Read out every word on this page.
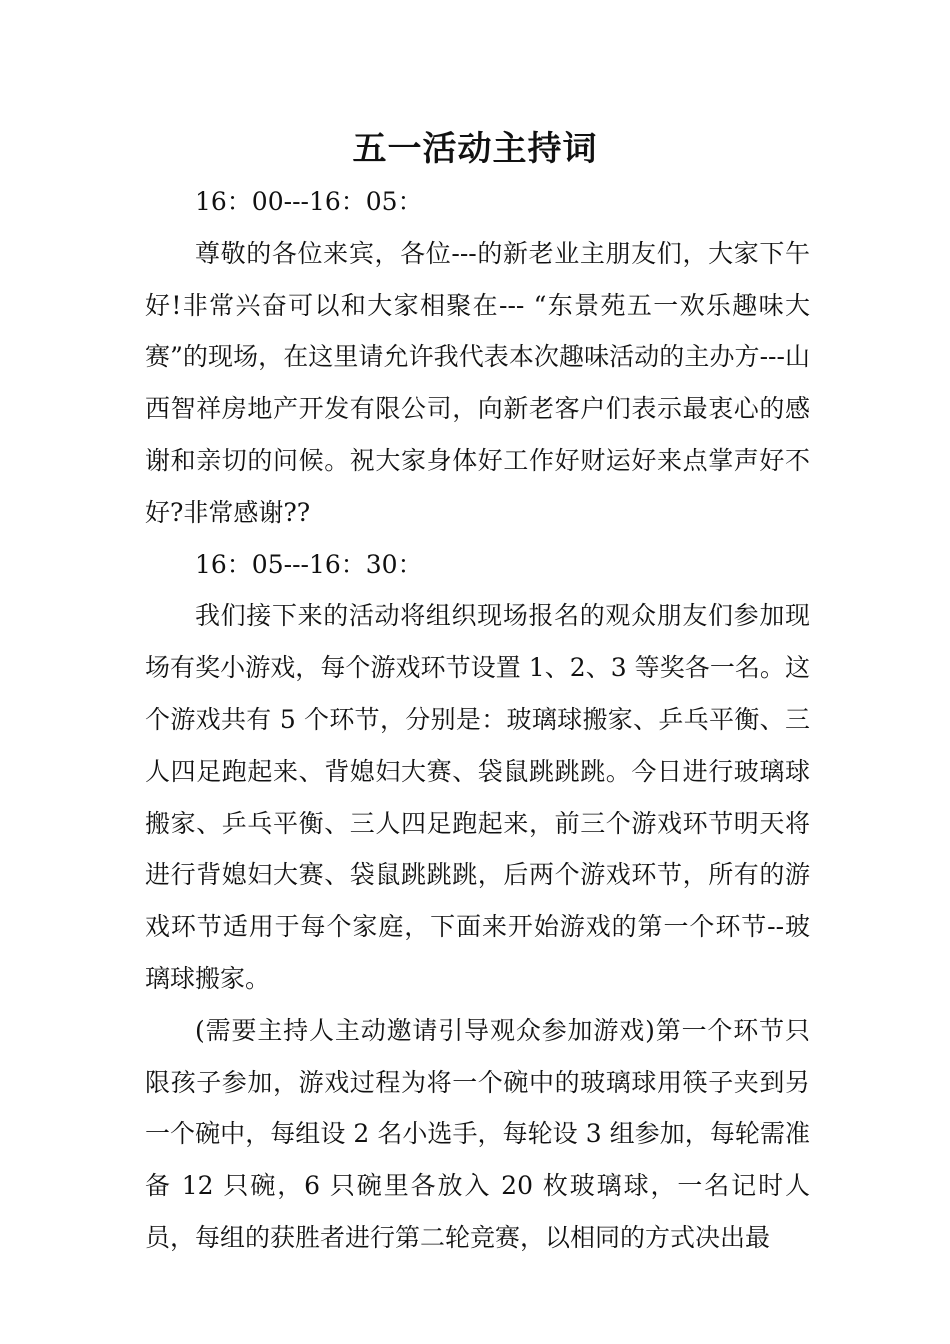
五一活动主持词

16：00---16：05：

尊敬的各位来宾，各位---的新老业主朋友们，大家下午好!非常兴奋可以和大家相聚在--- “东景苑五一欢乐趣味大赛”的现场，在这里请允许我代表本次趣味活动的主办方---山西智祥房地产开发有限公司，向新老客户们表示最衷心的感谢和亲切的问候。祝大家身体好工作好财运好来点掌声好不好?非常感谢??

16：05---16：30：

我们接下来的活动将组织现场报名的观众朋友们参加现场有奖小游戏，每个游戏环节设置 1、2、3 等奖各一名。这个游戏共有 5 个环节，分别是：玻璃球搬家、乒乓平衡、三人四足跑起来、背媳妇大赛、袋鼠跳跳跳。今日进行玻璃球搬家、乒乓平衡、三人四足跑起来，前三个游戏环节明天将进行背媳妇大赛、袋鼠跳跳跳，后两个游戏环节，所有的游戏环节适用于每个家庭，下面来开始游戏的第一个环节--玻璃球搬家。

(需要主持人主动邀请引导观众参加游戏)第一个环节只限孩子参加，游戏过程为将一个碗中的玻璃球用筷子夹到另一个碗中，每组设 2 名小选手，每轮设 3 组参加，每轮需准备 12 只碗，6 只碗里各放入 20 枚玻璃球，一名记时人员，每组的获胜者进行第二轮竞赛，以相同的方式决出最
